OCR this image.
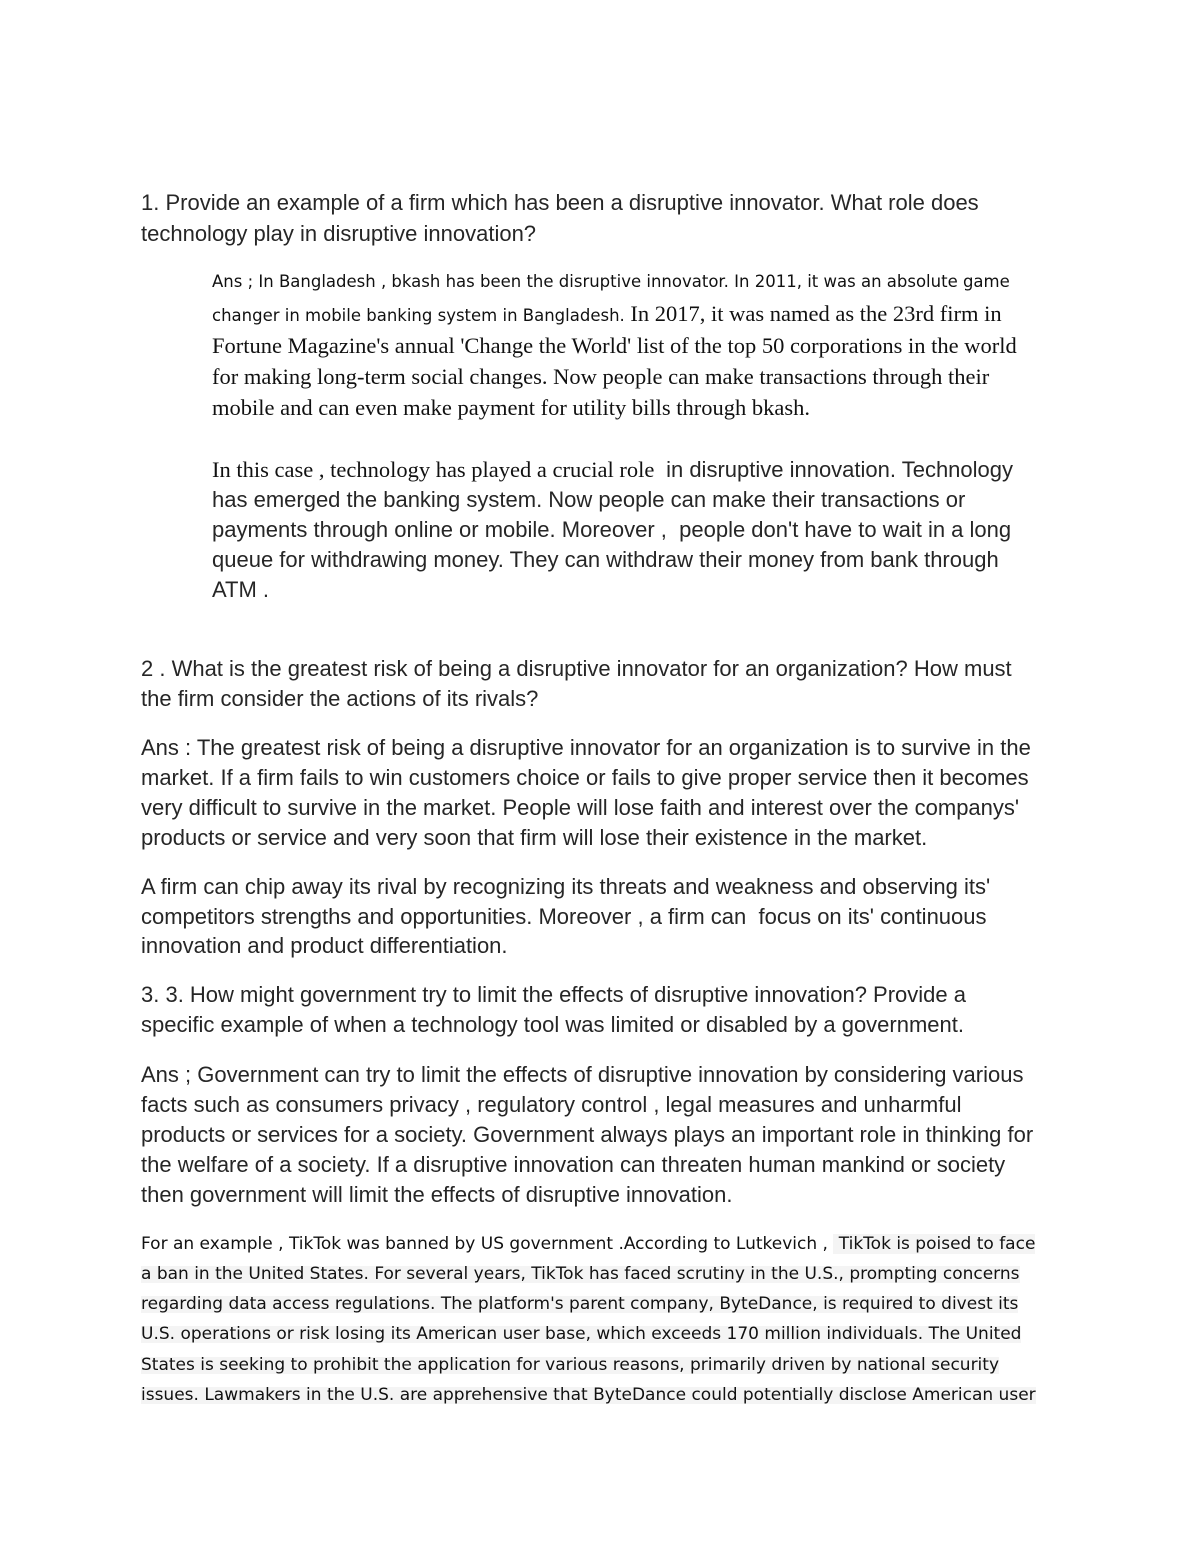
1. Provide an example of a firm which has been a disruptive innovator. What role does
technology play in disruptive innovation?
Ans ; In Bangladesh , bkash has been the disruptive innovator. In 2011, it was an absolute game
changer in mobile banking system in Bangladesh. In 2017, it was named as the 23rd firm in
Fortune Magazine's annual 'Change the World' list of the top 50 corporations in the world
for making long-term social changes. Now people can make transactions through their
mobile and can even make payment for utility bills through bkash.
In this case , technology has played a crucial role  in disruptive innovation. Technology
has emerged the banking system. Now people can make their transactions or
payments through online or mobile. Moreover ,  people don't have to wait in a long
queue for withdrawing money. They can withdraw their money from bank through
ATM .
2 . What is the greatest risk of being a disruptive innovator for an organization? How must
the firm consider the actions of its rivals?
Ans : The greatest risk of being a disruptive innovator for an organization is to survive in the
market. If a firm fails to win customers choice or fails to give proper service then it becomes
very difficult to survive in the market. People will lose faith and interest over the companys'
products or service and very soon that firm will lose their existence in the market.
A firm can chip away its rival by recognizing its threats and weakness and observing its'
competitors strengths and opportunities. Moreover , a firm can  focus on its' continuous
innovation and product differentiation.
3. 3. How might government try to limit the effects of disruptive innovation? Provide a
specific example of when a technology tool was limited or disabled by a government.
Ans ; Government can try to limit the effects of disruptive innovation by considering various
facts such as consumers privacy , regulatory control , legal measures and unharmful
products or services for a society. Government always plays an important role in thinking for
the welfare of a society. If a disruptive innovation can threaten human mankind or society
then government will limit the effects of disruptive innovation.
For an example , TikTok was banned by US government .According to Lutkevich ,  TikTok is poised to face
a ban in the United States. For several years, TikTok has faced scrutiny in the U.S., prompting concerns
regarding data access regulations. The platform's parent company, ByteDance, is required to divest its
U.S. operations or risk losing its American user base, which exceeds 170 million individuals. The United
States is seeking to prohibit the application for various reasons, primarily driven by national security
issues. Lawmakers in the U.S. are apprehensive that ByteDance could potentially disclose American user
